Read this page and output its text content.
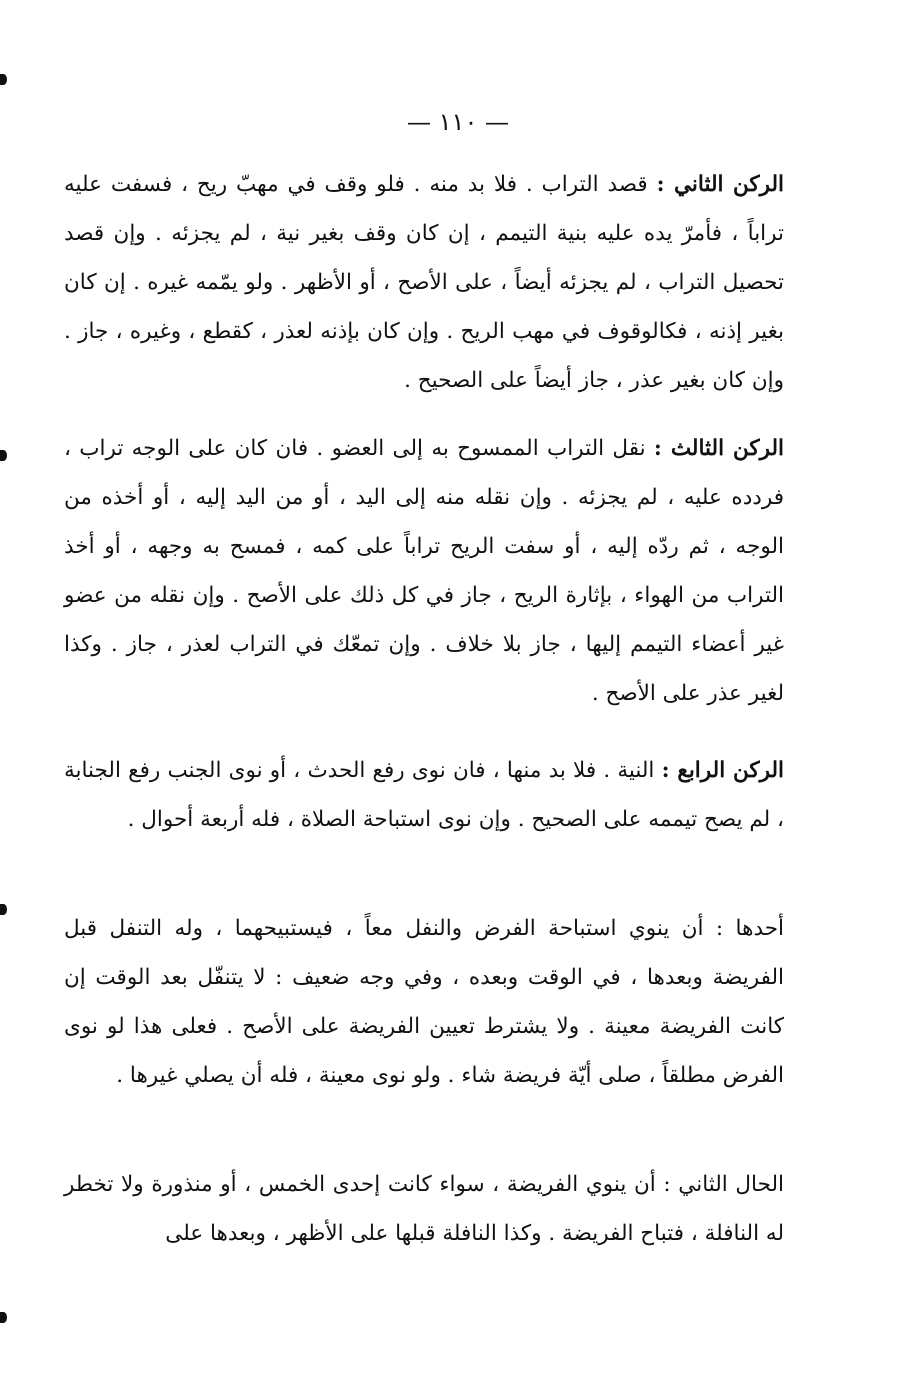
— ١١٠ —

الركن الثاني : قصد التراب . فلا بد منه . فلو وقف في مهبّ ريح ، فسفت عليه تراباً ، فأمرّ يده عليه بنية التيمم ، إن كان وقف بغير نية ، لم يجزئه . وإن قصد تحصيل التراب ، لم يجزئه أيضاً ، على الأصح ، أو الأظهر . ولو يمّمه غيره . إن كان بغير إذنه ، فكالوقوف في مهب الريح . وإن كان بإذنه لعذر ، كقطع ، وغيره ، جاز . وإن كان بغير عذر ، جاز أيضاً على الصحيح .

الركن الثالث : نقل التراب الممسوح به إلى العضو . فان كان على الوجه تراب ، فردده عليه ، لم يجزئه . وإن نقله منه إلى اليد ، أو من اليد إليه ، أو أخذه من الوجه ، ثم ردّه إليه ، أو سفت الريح تراباً على كمه ، فمسح به وجهه ، أو أخذ التراب من الهواء ، بإثارة الريح ، جاز في كل ذلك على الأصح . وإن نقله من عضو غير أعضاء التيمم إليها ، جاز بلا خلاف . وإن تمعّك في التراب لعذر ، جاز . وكذا لغير عذر على الأصح .

الركن الرابع : النية . فلا بد منها ، فان نوى رفع الحدث ، أو نوى الجنب رفع الجنابة ، لم يصح تيممه على الصحيح . وإن نوى استباحة الصلاة ، فله أربعة أحوال .

أحدها : أن ينوي استباحة الفرض والنفل معاً ، فيستبيحهما ، وله التنفل قبل الفريضة وبعدها ، في الوقت وبعده ، وفي وجه ضعيف : لا يتنفّل بعد الوقت إن كانت الفريضة معينة . ولا يشترط تعيين الفريضة على الأصح . فعلى هذا لو نوى الفرض مطلقاً ، صلى أيّة فريضة شاء . ولو نوى معينة ، فله أن يصلي غيرها .

الحال الثاني : أن ينوي الفريضة ، سواء كانت إحدى الخمس ، أو منذورة ولا تخطر له النافلة ، فتباح الفريضة . وكذا النافلة قبلها على الأظهر ، وبعدها على
